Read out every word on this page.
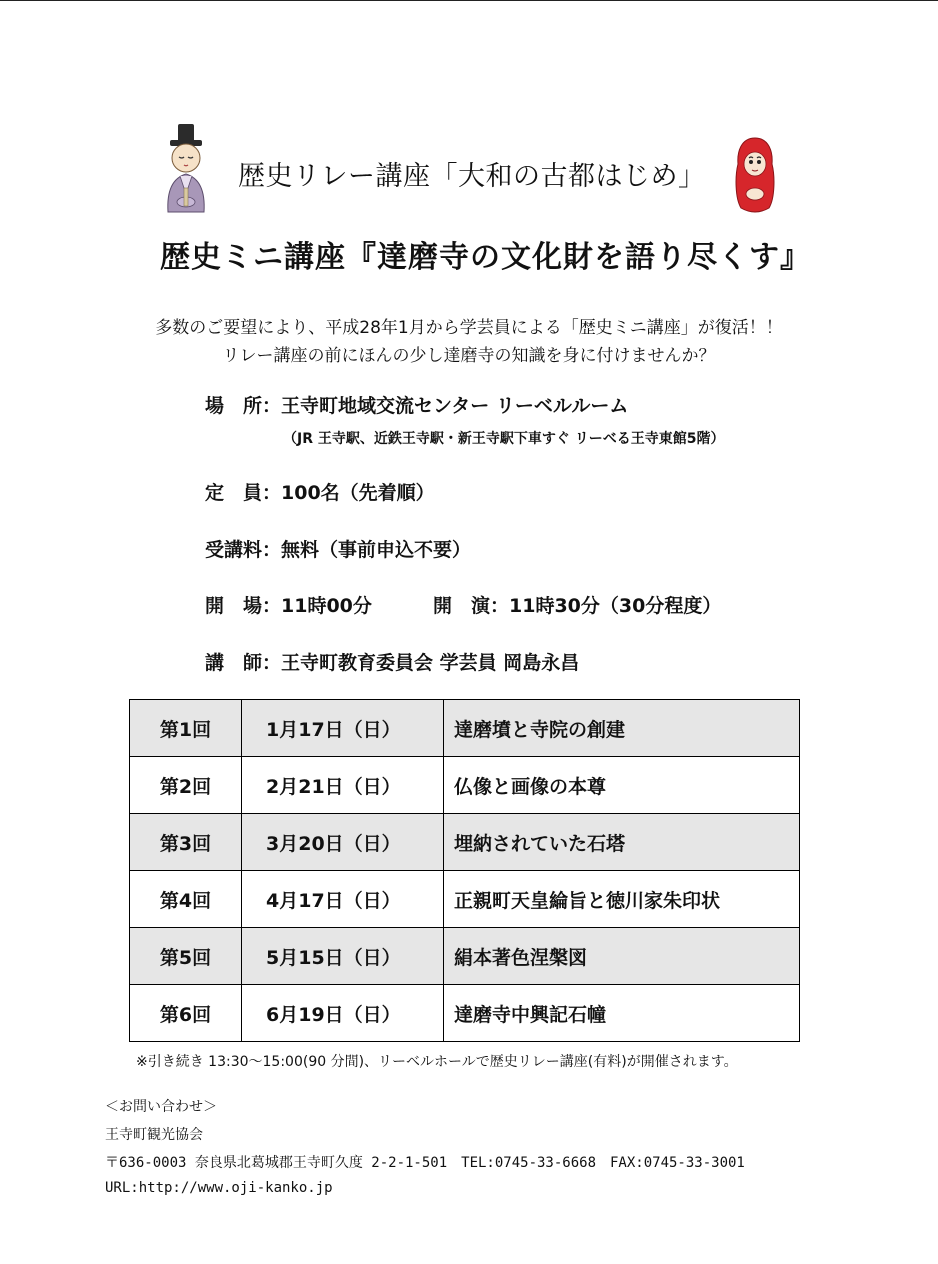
歴史リレー講座「大和の古都はじめ」
歴史ミニ講座『達磨寺の文化財を語り尽くす』
多数のご要望により、平成28年1月から学芸員による「歴史ミニ講座」が復活！！
リレー講座の前にほんの少し達磨寺の知識を身に付けませんか？
場　所：王寺町地域交流センター リーベルルーム
（JR 王寺駅、近鉄王寺駅・新王寺駅下車すぐ リーベる王寺東館5階）
定　員：100名（先着順）
受講料：無料（事前申込不要）
開　場：11時00分	開　演：11時30分（30分程度）
講　師：王寺町教育委員会 学芸員 岡島永昌
第1回	1月17日（日）	達磨墳と寺院の創建
第2回	2月21日（日）	仏像と画像の本尊
第3回	3月20日（日）	埋納されていた石塔
第4回	4月17日（日）	正親町天皇綸旨と徳川家朱印状
第5回	5月15日（日）	絹本著色涅槃図
第6回	6月19日（日）	達磨寺中興記石幢
※引き続き 13:30～15:00(90 分間)、リーベルホールで歴史リレー講座(有料)が開催されます。
＜お問い合わせ＞
王寺町観光協会
〒636-0003 奈良県北葛城郡王寺町久度 2-2-1-501　TEL:0745-33-6668　FAX:0745-33-3001
URL:http://www.oji-kanko.jp
